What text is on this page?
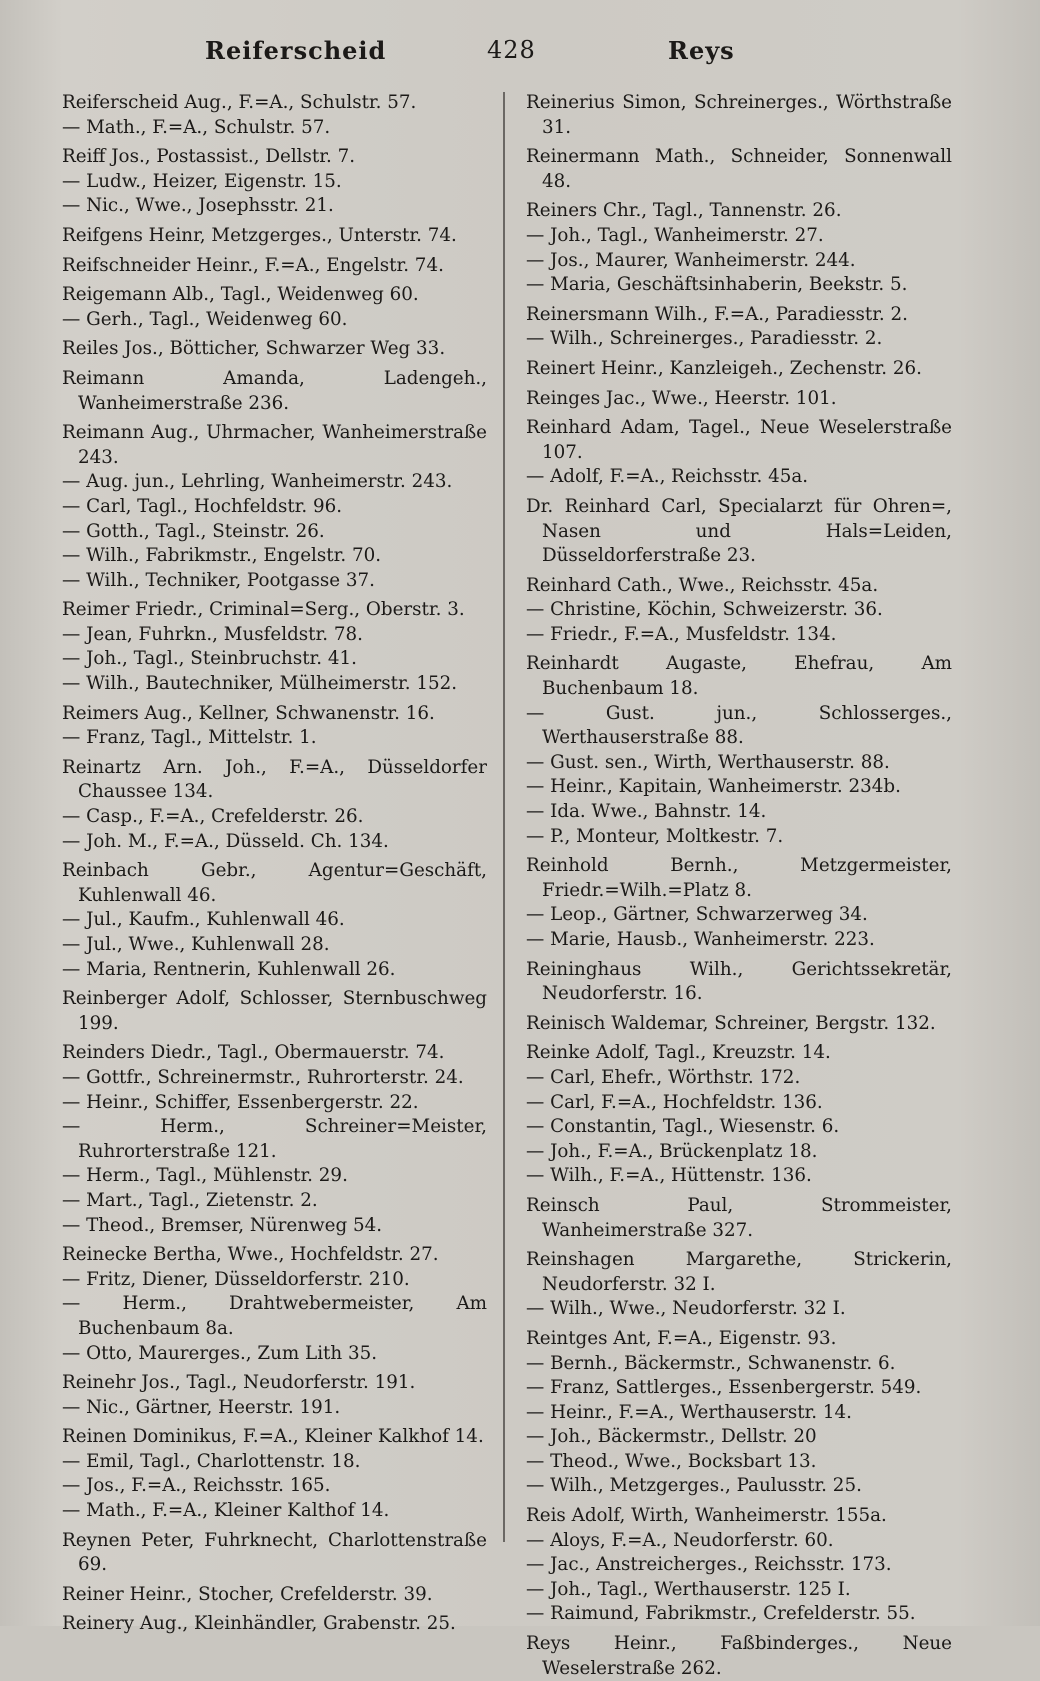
Reiferscheid	428	Reys

Reiferscheid Aug., F.=A., Schulstr. 57.

— Math., F.=A., Schulstr. 57.

Reiff Jos., Postassist., Dellstr. 7.

— Ludw., Heizer, Eigenstr. 15.

— Nic., Wwe., Josephsstr. 21.

Reifgens Heinr, Metzgerges., Unterstr. 74.

Reifschneider Heinr., F.=A., Engelstr. 74.

Reigemann Alb., Tagl., Weidenweg 60.

— Gerh., Tagl., Weidenweg 60.

Reiles Jos., Bötticher, Schwarzer Weg 33.

Reimann Amanda, Ladengeh., Wanheimerstraße 236.

Reimann Aug., Uhrmacher, Wanheimerstraße 243.

— Aug. jun., Lehrling, Wanheimerstr. 243.

— Carl, Tagl., Hochfeldstr. 96.

— Gotth., Tagl., Steinstr. 26.

— Wilh., Fabrikmstr., Engelstr. 70.

— Wilh., Techniker, Pootgasse 37.

Reimer Friedr., Criminal=Serg., Oberstr. 3.

— Jean, Fuhrkn., Musfeldstr. 78.

— Joh., Tagl., Steinbruchstr. 41.

— Wilh., Bautechniker, Mülheimerstr. 152.

Reimers Aug., Kellner, Schwanenstr. 16.

— Franz, Tagl., Mittelstr. 1.

Reinartz Arn. Joh., F.=A., Düsseldorfer Chaussee 134.

— Casp., F.=A., Crefelderstr. 26.

— Joh. M., F.=A., Düsseld. Ch. 134.

Reinbach Gebr., Agentur=Geschäft, Kuhlenwall 46.

— Jul., Kaufm., Kuhlenwall 46.

— Jul., Wwe., Kuhlenwall 28.

— Maria, Rentnerin, Kuhlenwall 26.

Reinberger Adolf, Schlosser, Sternbuschweg 199.

Reinders Diedr., Tagl., Obermauerstr. 74.

— Gottfr., Schreinermstr., Ruhrorterstr. 24.

— Heinr., Schiffer, Essenbergerstr. 22.

— Herm., Schreiner=Meister, Ruhrorterstraße 121.

— Herm., Tagl., Mühlenstr. 29.

— Mart., Tagl., Zietenstr. 2.

— Theod., Bremser, Nürenweg 54.

Reinecke Bertha, Wwe., Hochfeldstr. 27.

— Fritz, Diener, Düsseldorferstr. 210.

— Herm., Drahtwebermeister, Am Buchenbaum 8a.

— Otto, Maurerges., Zum Lith 35.

Reinehr Jos., Tagl., Neudorferstr. 191.

— Nic., Gärtner, Heerstr. 191.

Reinen Dominikus, F.=A., Kleiner Kalkhof 14.

— Emil, Tagl., Charlottenstr. 18.

— Jos., F.=A., Reichsstr. 165.

— Math., F.=A., Kleiner Kalthof 14.

Reynen Peter, Fuhrknecht, Charlottenstraße 69.

Reiner Heinr., Stocher, Crefelderstr. 39.

Reinery Aug., Kleinhändler, Grabenstr. 25.

Reinerius Simon, Schreinerges., Wörthstraße 31.

Reinermann Math., Schneider, Sonnenwall 48.

Reiners Chr., Tagl., Tannenstr. 26.

— Joh., Tagl., Wanheimerstr. 27.

— Jos., Maurer, Wanheimerstr. 244.

— Maria, Geschäftsinhaberin, Beekstr. 5.

Reinersmann Wilh., F.=A., Paradiesstr. 2.

— Wilh., Schreinerges., Paradiesstr. 2.

Reinert Heinr., Kanzleigeh., Zechenstr. 26.

Reinges Jac., Wwe., Heerstr. 101.

Reinhard Adam, Tagel., Neue Weselerstraße 107.

— Adolf, F.=A., Reichsstr. 45a.

Dr. Reinhard Carl, Specialarzt für Ohren=, Nasen und Hals=Leiden, Düsseldorferstraße 23.

Reinhard Cath., Wwe., Reichsstr. 45a.

— Christine, Köchin, Schweizerstr. 36.

— Friedr., F.=A., Musfeldstr. 134.

Reinhardt Augaste, Ehefrau, Am Buchenbaum 18.

— Gust. jun., Schlosserges., Werthauserstraße 88.

— Gust. sen., Wirth, Werthauserstr. 88.

— Heinr., Kapitain, Wanheimerstr. 234b.

— Ida. Wwe., Bahnstr. 14.

— P., Monteur, Moltkestr. 7.

Reinhold Bernh., Metzgermeister, Friedr.=Wilh.=Platz 8.

— Leop., Gärtner, Schwarzerweg 34.

— Marie, Hausb., Wanheimerstr. 223.

Reininghaus Wilh., Gerichtssekretär, Neudorferstr. 16.

Reinisch Waldemar, Schreiner, Bergstr. 132.

Reinke Adolf, Tagl., Kreuzstr. 14.

— Carl, Ehefr., Wörthstr. 172.

— Carl, F.=A., Hochfeldstr. 136.

— Constantin, Tagl., Wiesenstr. 6.

— Joh., F.=A., Brückenplatz 18.

— Wilh., F.=A., Hüttenstr. 136.

Reinsch Paul, Strommeister, Wanheimerstraße 327.

Reinshagen Margarethe, Strickerin, Neudorferstr. 32 I.

— Wilh., Wwe., Neudorferstr. 32 I.

Reintges Ant, F.=A., Eigenstr. 93.

— Bernh., Bäckermstr., Schwanenstr. 6.

— Franz, Sattlerges., Essenbergerstr. 549.

— Heinr., F.=A., Werthauserstr. 14.

— Joh., Bäckermstr., Dellstr. 20

— Theod., Wwe., Bocksbart 13.

— Wilh., Metzgerges., Paulusstr. 25.

Reis Adolf, Wirth, Wanheimerstr. 155a.

— Aloys, F.=A., Neudorferstr. 60.

— Jac., Anstreicherges., Reichsstr. 173.

— Joh., Tagl., Werthauserstr. 125 I.

— Raimund, Fabrikmstr., Crefelderstr. 55.

Reys Heinr., Faßbinderges., Neue Weselerstraße 262.
